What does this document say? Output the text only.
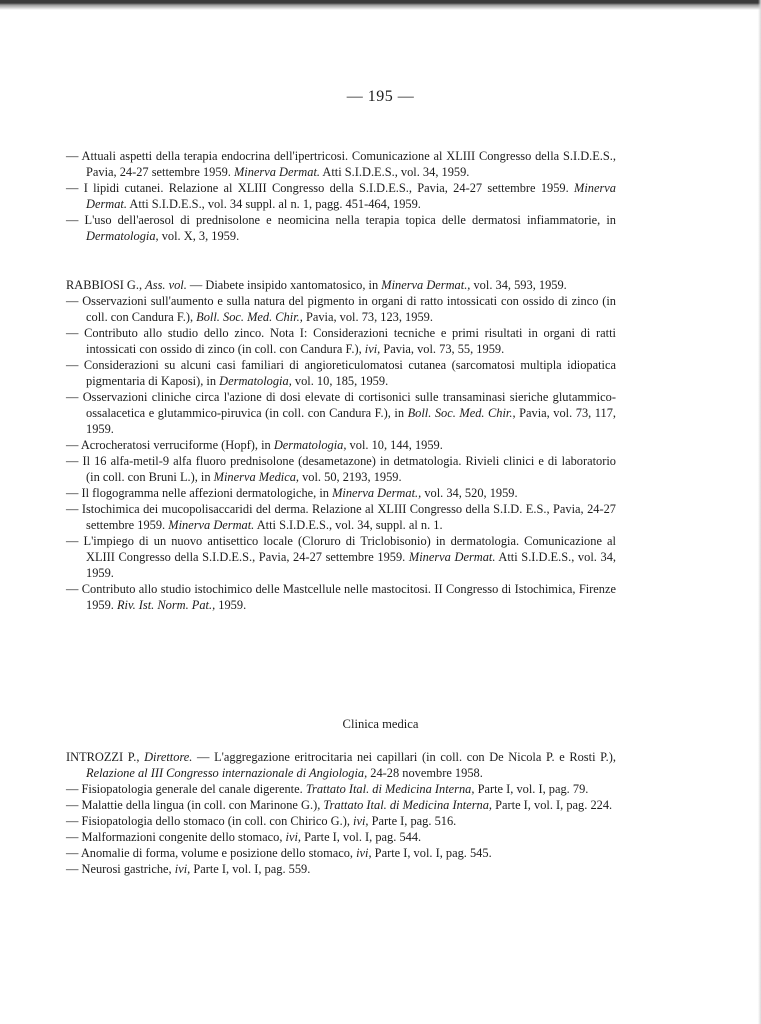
— 195 —
— Attuali aspetti della terapia endocrina dell'ipertricosi. Comunicazione al XLIII Congresso della S.I.D.E.S., Pavia, 24-27 settembre 1959. Minerva Dermat. Atti S.I.D.E.S., vol. 34, 1959.
— I lipidi cutanei. Relazione al XLIII Congresso della S.I.D.E.S., Pavia, 24-27 settembre 1959. Minerva Dermat. Atti S.I.D.E.S., vol. 34 suppl. al n. 1, pagg. 451-464, 1959.
— L'uso dell'aerosol di prednisolone e neomicina nella terapia topica delle dermatosi infiammatorie, in Dermatologia, vol. X, 3, 1959.
RABBIOSI G., Ass. vol. — Diabete insipido xantomatosico, in Minerva Dermat., vol. 34, 593, 1959.
— Osservazioni sull'aumento e sulla natura del pigmento in organi di ratto intossicati con ossido di zinco (in coll. con Candura F.), Boll. Soc. Med. Chir., Pavia, vol. 73, 123, 1959.
— Contributo allo studio dello zinco. Nota I: Considerazioni tecniche e primi risultati in organi di ratti intossicati con ossido di zinco (in coll. con Candura F.), ivi, Pavia, vol. 73, 55, 1959.
— Considerazioni su alcuni casi familiari di angioreticulomatosi cutanea (sarcomatosi multipla idiopatica pigmentaria di Kaposi), in Dermatologia, vol. 10, 185, 1959.
— Osservazioni cliniche circa l'azione di dosi elevate di cortisonici sulle transaminasi sieriche glutammico-ossalacetica e glutammico-piruvica (in coll. con Candura F.), in Boll. Soc. Med. Chir., Pavia, vol. 73, 117, 1959.
— Acrocheratosi verruciforme (Hopf), in Dermatologia, vol. 10, 144, 1959.
— Il 16 alfa-metil-9 alfa fluoro prednisolone (desametazone) in detmatologia. Rivieli clinici e di laboratorio (in coll. con Bruni L.), in Minerva Medica, vol. 50, 2193, 1959.
— Il flogogramma nelle affezioni dermatologiche, in Minerva Dermat., vol. 34, 520, 1959.
— Istochimica dei mucopolisaccaridi del derma. Relazione al XLIII Congresso della S.I.D. E.S., Pavia, 24-27 settembre 1959. Minerva Dermat. Atti S.I.D.E.S., vol. 34, suppl. al n. 1.
— L'impiego di un nuovo antisettico locale (Cloruro di Triclobisonio) in dermatologia. Comunicazione al XLIII Congresso della S.I.D.E.S., Pavia, 24-27 settembre 1959. Minerva Dermat. Atti S.I.D.E.S., vol. 34, 1959.
— Contributo allo studio istochimico delle Mastcellule nelle mastocitosi. II Congresso di Istochimica, Firenze 1959. Riv. Ist. Norm. Pat., 1959.
Clinica medica
INTROZZI P., Direttore. — L'aggregazione eritrocitaria nei capillari (in coll. con De Nicola P. e Rosti P.), Relazione al III Congresso internazionale di Angiologia, 24-28 novembre 1958.
— Fisiopatologia generale del canale digerente. Trattato Ital. di Medicina Interna, Parte I, vol. I, pag. 79.
— Malattie della lingua (in coll. con Marinone G.), Trattato Ital. di Medicina Interna, Parte I, vol. I, pag. 224.
— Fisiopatologia dello stomaco (in coll. con Chirico G.), ivi, Parte I, pag. 516.
— Malformazioni congenite dello stomaco, ivi, Parte I, vol. I, pag. 544.
— Anomalie di forma, volume e posizione dello stomaco, ivi, Parte I, vol. I, pag. 545.
— Neurosi gastriche, ivi, Parte I, vol. I, pag. 559.
